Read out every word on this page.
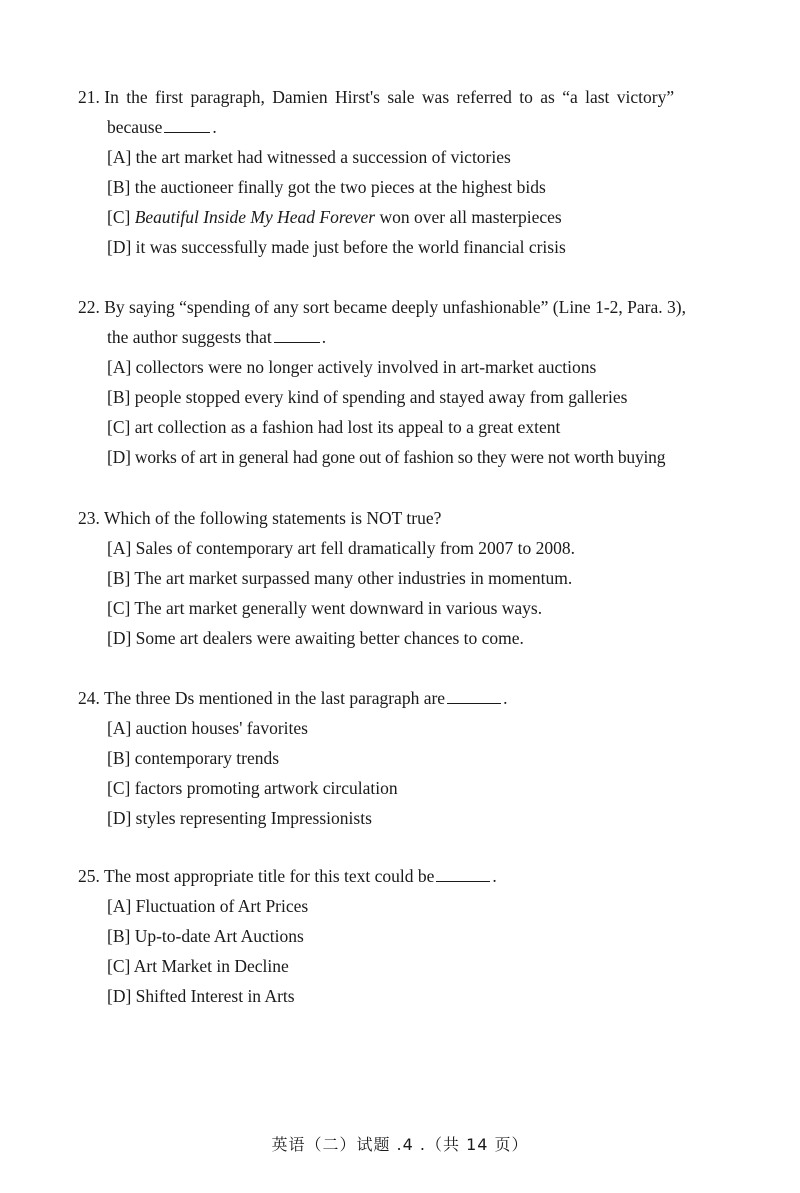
21. In the first paragraph, Damien Hirst's sale was referred to as “a last victory”

because	.

[A] the art market had witnessed a succession of victories
[B] the auctioneer finally got the two pieces at the highest bids
[C] Beautiful Inside My Head Forever won over all masterpieces
[D] it was successfully made just before the world financial crisis

22. By saying “spending of any sort became deeply unfashionable” (Line 1-2, Para. 3),

the author suggests that	.

[A] collectors were no longer actively involved in art-market auctions
[B] people stopped every kind of spending and stayed away from galleries
[C] art collection as a fashion had lost its appeal to a great extent
[D] works of art in general had gone out of fashion so they were not worth buying

23. Which of the following statements is NOT true?

[A] Sales of contemporary art fell dramatically from 2007 to 2008.
[B] The art market surpassed many other industries in momentum.
[C] The art market generally went downward in various ways.
[D] Some art dealers were awaiting better chances to come.

24. The three Ds mentioned in the last paragraph are	.

[A] auction houses' favorites
[B] contemporary trends
[C] factors promoting artwork circulation
[D] styles representing Impressionists

25. The most appropriate title for this text could be	.

[A] Fluctuation of Art Prices
[B] Up-to-date Art Auctions
[C] Art Market in Decline
[D] Shifted Interest in Arts
英语（二）试题 .4 .（共 14 页）
